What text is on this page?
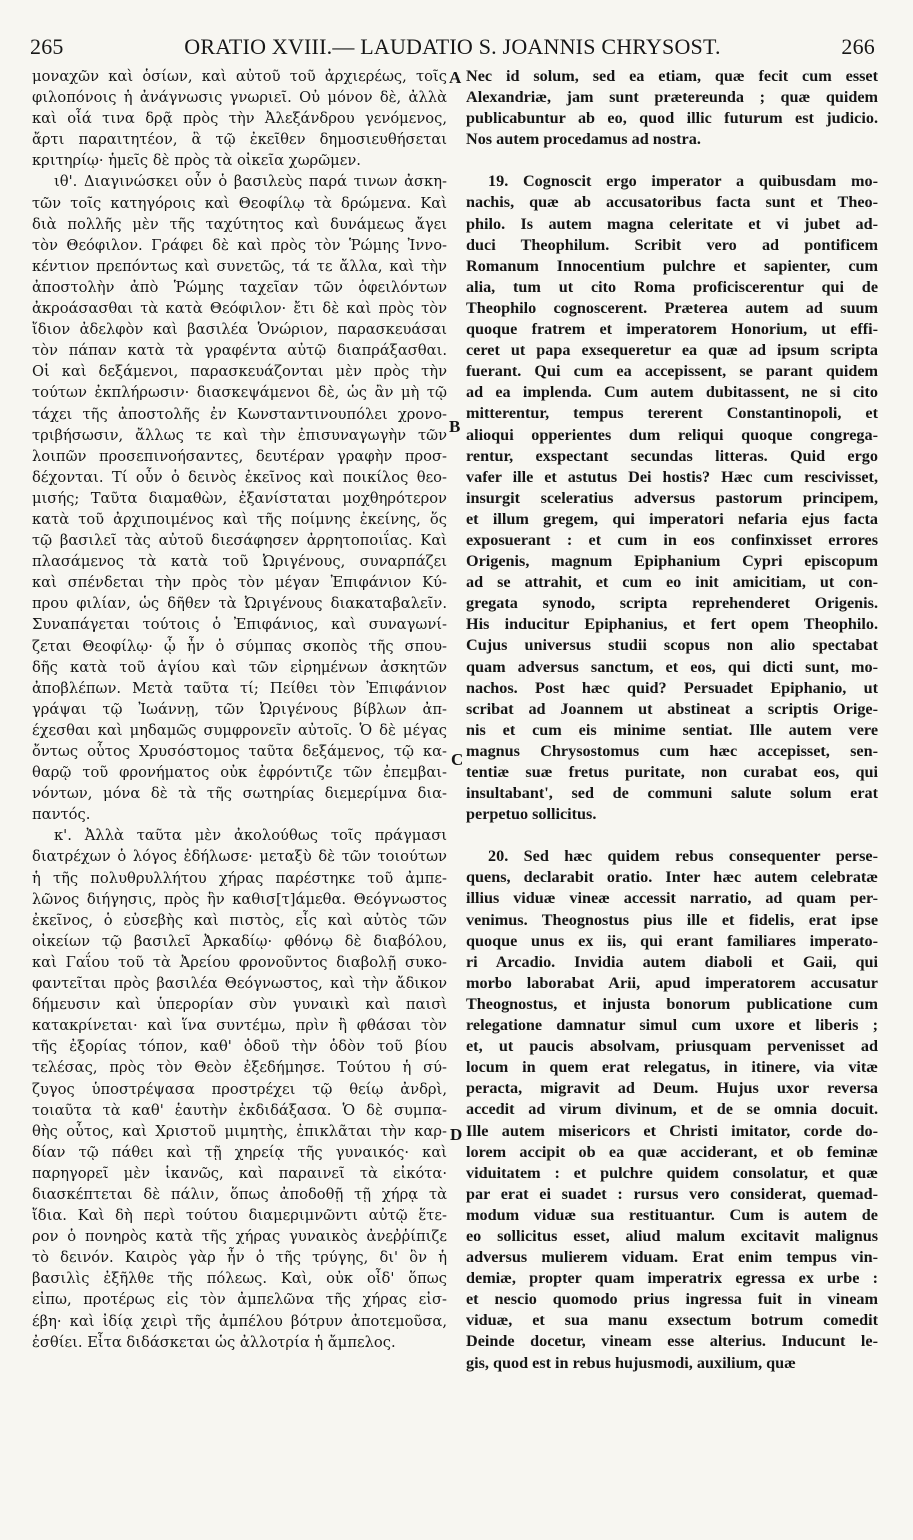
265	ORATIO XVIII.— LAUDATIO S. JOANNIS CHRYSOST.	266
μοναχῶν καὶ ὁσίων, καὶ αὐτοῦ τοῦ ἀρχιερέως, τοῖς
φιλοπόνοις ἡ ἀνάγνωσις γνωριεῖ. Οὐ μόνον δὲ, ἀλλὰ
καὶ οἷά τινα δρᾷ πρὸς τὴν Ἀλεξάνδρου γενόμενος,
ἄρτι παραιτητέον, ἃ τῷ ἐκεῖθεν δημοσιευθήσεται
κριτηρίῳ· ἡμεῖς δὲ πρὸς τὰ οἰκεῖα χωρῶμεν.
ιθ'. Διαγινώσκει οὖν ὁ βασιλεὺς παρά τινων ἀσκη-
τῶν τοῖς κατηγόροις καὶ Θεοφίλῳ τὰ δρώμενα. Καὶ
διὰ πολλῆς μὲν τῆς ταχύτητος καὶ δυνάμεως ἄγει
τὸν Θεόφιλον. Γράφει δὲ καὶ πρὸς τὸν Ῥώμης Ἰννο-
κέντιον πρεπόντως καὶ συνετῶς, τά τε ἄλλα, καὶ τὴν
ἀποστολὴν ἀπὸ Ῥώμης ταχεῖαν τῶν ὀφειλόντων
ἀκροάσασθαι τὰ κατὰ Θεόφιλον· ἔτι δὲ καὶ πρὸς τὸν
ἴδιον ἀδελφὸν καὶ βασιλέα Ὁνώριον, παρασκευάσαι
τὸν πάπαν κατὰ τὰ γραφέντα αὐτῷ διαπράξασθαι.
Οἱ καὶ δεξάμενοι, παρασκευάζονται μὲν πρὸς τὴν
τούτων ἐκπλήρωσιν· διασκεψάμενοι δὲ, ὡς ἂν μὴ τῷ
τάχει τῆς ἀποστολῆς ἐν Κωνσταντινουπόλει χρονο-
τριβήσωσιν, ἄλλως τε καὶ τὴν ἐπισυναγωγὴν τῶν
λοιπῶν προσεπινοήσαντες, δευτέραν γραφὴν προσ-
δέχονται. Τί οὖν ὁ δεινὸς ἐκεῖνος καὶ ποικίλος θεο-
μισής; Ταῦτα διαμαθὼν, ἐξανίσταται μοχθηρότερον
κατὰ τοῦ ἀρχιποιμένος καὶ τῆς ποίμνης ἐκείνης, ὅς
τῷ βασιλεῖ τὰς αὐτοῦ διεσάφησεν ἀρρητοποιΐας. Καὶ
πλασάμενος τὰ κατὰ τοῦ Ὠριγένους, συναρπάζει
καὶ σπένδεται τὴν πρὸς τὸν μέγαν Ἐπιφάνιον Κύ-
πρου φιλίαν, ὡς δῆθεν τὰ Ὠριγένους διακαταβαλεῖν.
Συναπάγεται τούτοις ὁ Ἐπιφάνιος, καὶ συναγωνί-
ζεται Θεοφίλῳ· ᾧ ἦν ὁ σύμπας σκοπὸς τῆς σπου-
δῆς κατὰ τοῦ ἁγίου καὶ τῶν εἰρημένων ἀσκητῶν
ἀποβλέπων. Μετὰ ταῦτα τί; Πείθει τὸν Ἐπιφάνιον
γράψαι τῷ Ἰωάννῃ, τῶν Ὠριγένους βίβλων ἀπ-
έχεσθαι καὶ μηδαμῶς συμφρονεῖν αὐτοῖς. Ὁ δὲ μέγας
ὄντως οὗτος Χρυσόστομος ταῦτα δεξάμενος, τῷ κα-
θαρῷ τοῦ φρονήματος οὐκ ἐφρόντιζε τῶν ἐπεμβαι-
νόντων, μόνα δὲ τὰ τῆς σωτηρίας διεμερίμνα δια-
παντός.
κ'. Ἀλλὰ ταῦτα μὲν ἀκολούθως τοῖς πράγμασι
διατρέχων ὁ λόγος ἐδήλωσε· μεταξὺ δὲ τῶν τοιούτων
ἡ τῆς πολυθρυλλήτου χήρας παρέστηκε τοῦ ἀμπε-
λῶνος διήγησις, πρὸς ἣν καθισ[τ]άμεθα. Θεόγνωστος
ἐκεῖνος, ὁ εὐσεβὴς καὶ πιστὸς, εἷς καὶ αὐτὸς τῶν
οἰκείων τῷ βασιλεῖ Ἀρκαδίῳ· φθόνῳ δὲ διαβόλου,
καὶ Γαΐου τοῦ τὰ Ἀρείου φρονοῦντος διαβολῇ συκο-
φαντεῖται πρὸς βασιλέα Θεόγνωστος, καὶ τὴν ἄδικον
δήμευσιν καὶ ὑπερορίαν σὺν γυναικὶ καὶ παισὶ
κατακρίνεται· καὶ ἵνα συντέμω, πρὶν ἢ φθάσαι τὸν
τῆς ἐξορίας τόπον, καθ' ὁδοῦ τὴν ὁδὸν τοῦ βίου
τελέσας, πρὸς τὸν Θεὸν ἐξεδήμησε. Τούτου ἡ σύ-
ζυγος ὑποστρέψασα προστρέχει τῷ θείῳ ἀνδρὶ,
τοιαῦτα τὰ καθ' ἑαυτὴν ἐκδιδάξασα. Ὁ δὲ συμπα-
θὴς οὗτος, καὶ Χριστοῦ μιμητὴς, ἐπικλᾶται τὴν καρ-
δίαν τῷ πάθει καὶ τῇ χηρείᾳ τῆς γυναικός· καὶ
παρηγορεῖ μὲν ἱκανῶς, καὶ παραινεῖ τὰ εἰκότα·
διασκέπτεται δὲ πάλιν, ὅπως ἀποδοθῇ τῇ χήρᾳ τὰ
ἴδια. Καὶ δὴ περὶ τούτου διαμεριμνῶντι αὐτῷ ἕτε-
ρον ὁ πονηρὸς κατὰ τῆς χήρας γυναικὸς ἀνεῤῥίπιζε
τὸ δεινόν. Καιρὸς γὰρ ἦν ὁ τῆς τρύγης, δι' ὃν ἡ
βασιλὶς ἐξῆλθε τῆς πόλεως. Καὶ, οὐκ οἶδ' ὅπως
εἰπω, προτέρως εἰς τὸν ἀμπελῶνα τῆς χήρας εἰσ-
έβη· καὶ ἰδίᾳ χειρὶ τῆς ἀμπέλου βότρυν ἀποτεμοῦσα,
ἐσθίει. Εἶτα διδάσκεται ὡς ἀλλοτρία ἡ ἄμπελος.
Nec id solum, sed ea etiam, quæ fecit cum esset
Alexandriæ, jam sunt prætereunda ; quæ quidem
publicabuntur ab eo, quod illic futurum est judicio.
Nos autem procedamus ad nostra.
19. Cognoscit ergo imperator a quibusdam mo-
nachis, quæ ab accusatoribus facta sunt et Theo-
philo. Is autem magna celeritate et vi jubet ad-
duci Theophilum. Scribit vero ad pontificem
Romanum Innocentium pulchre et sapienter, cum
alia, tum ut cito Roma proficiscerentur qui de
Theophilo cognoscerent. Præterea autem ad suum
quoque fratrem et imperatorem Honorium, ut effi-
ceret ut papa exsequeretur ea quæ ad ipsum scripta
fuerant. Qui cum ea accepissent, se parant quidem
ad ea implenda. Cum autem dubitassent, ne si cito
mitterentur, tempus tererent Constantinopoli, et
alioqui opperientes dum reliqui quoque congrega-
rentur, exspectant secundas litteras. Quid ergo
vafer ille et astutus Dei hostis? Hæc cum rescivisset,
insurgit sceleratius adversus pastorum principem,
et illum gregem, qui imperatori nefaria ejus facta
exposuerant : et cum in eos confinxisset errores
Origenis, magnum Epiphanium Cypri episcopum
ad se attrahit, et cum eo init amicitiam, ut con-
gregata synodo, scripta reprehenderet Origenis.
His inducitur Epiphanius, et fert opem Theophilo.
Cujus universus studii scopus non alio spectabat
quam adversus sanctum, et eos, qui dicti sunt, mo-
nachos. Post hæc quid? Persuadet Epiphanio, ut
scribat ad Joannem ut abstineat a scriptis Orige-
nis et cum eis minime sentiat. Ille autem vere
magnus Chrysostomus cum hæc accepisset, sen-
tentiæ suæ fretus puritate, non curabat eos, qui
insultabant', sed de communi salute solum erat
perpetuo sollicitus.
20. Sed hæc quidem rebus consequenter perse-
quens, declarabit oratio. Inter hæc autem celebratæ
illius viduæ vineæ accessit narratio, ad quam per-
venimus. Theognostus pius ille et fidelis, erat ipse
quoque unus ex iis, qui erant familiares imperato-
ri Arcadio. Invidia autem diaboli et Gaii, qui
morbo laborabat Arii, apud imperatorem accusatur
Theognostus, et injusta bonorum publicatione cum
relegatione damnatur simul cum uxore et liberis ;
et, ut paucis absolvam, priusquam pervenisset ad
locum in quem erat relegatus, in itinere, via vitæ
peracta, migravit ad Deum. Hujus uxor reversa
accedit ad virum divinum, et de se omnia docuit.
Ille autem misericors et Christi imitator, corde do-
lorem accipit ob ea quæ acciderant, et ob feminæ
viduitatem : et pulchre quidem consolatur, et quæ
par erat ei suadet : rursus vero considerat, quemad-
modum viduæ sua restituantur. Cum is autem de
eo sollicitus esset, aliud malum excitavit malignus
adversus mulierem viduam. Erat enim tempus vin-
demiæ, propter quam imperatrix egressa ex urbe :
et nescio quomodo prius ingressa fuit in vineam
viduæ, et sua manu exsectum botrum comedit
Deinde docetur, vineam esse alterius. Inducunt le-
gis, quod est in rebus hujusmodi, auxilium, quæ
A
B
C
D
